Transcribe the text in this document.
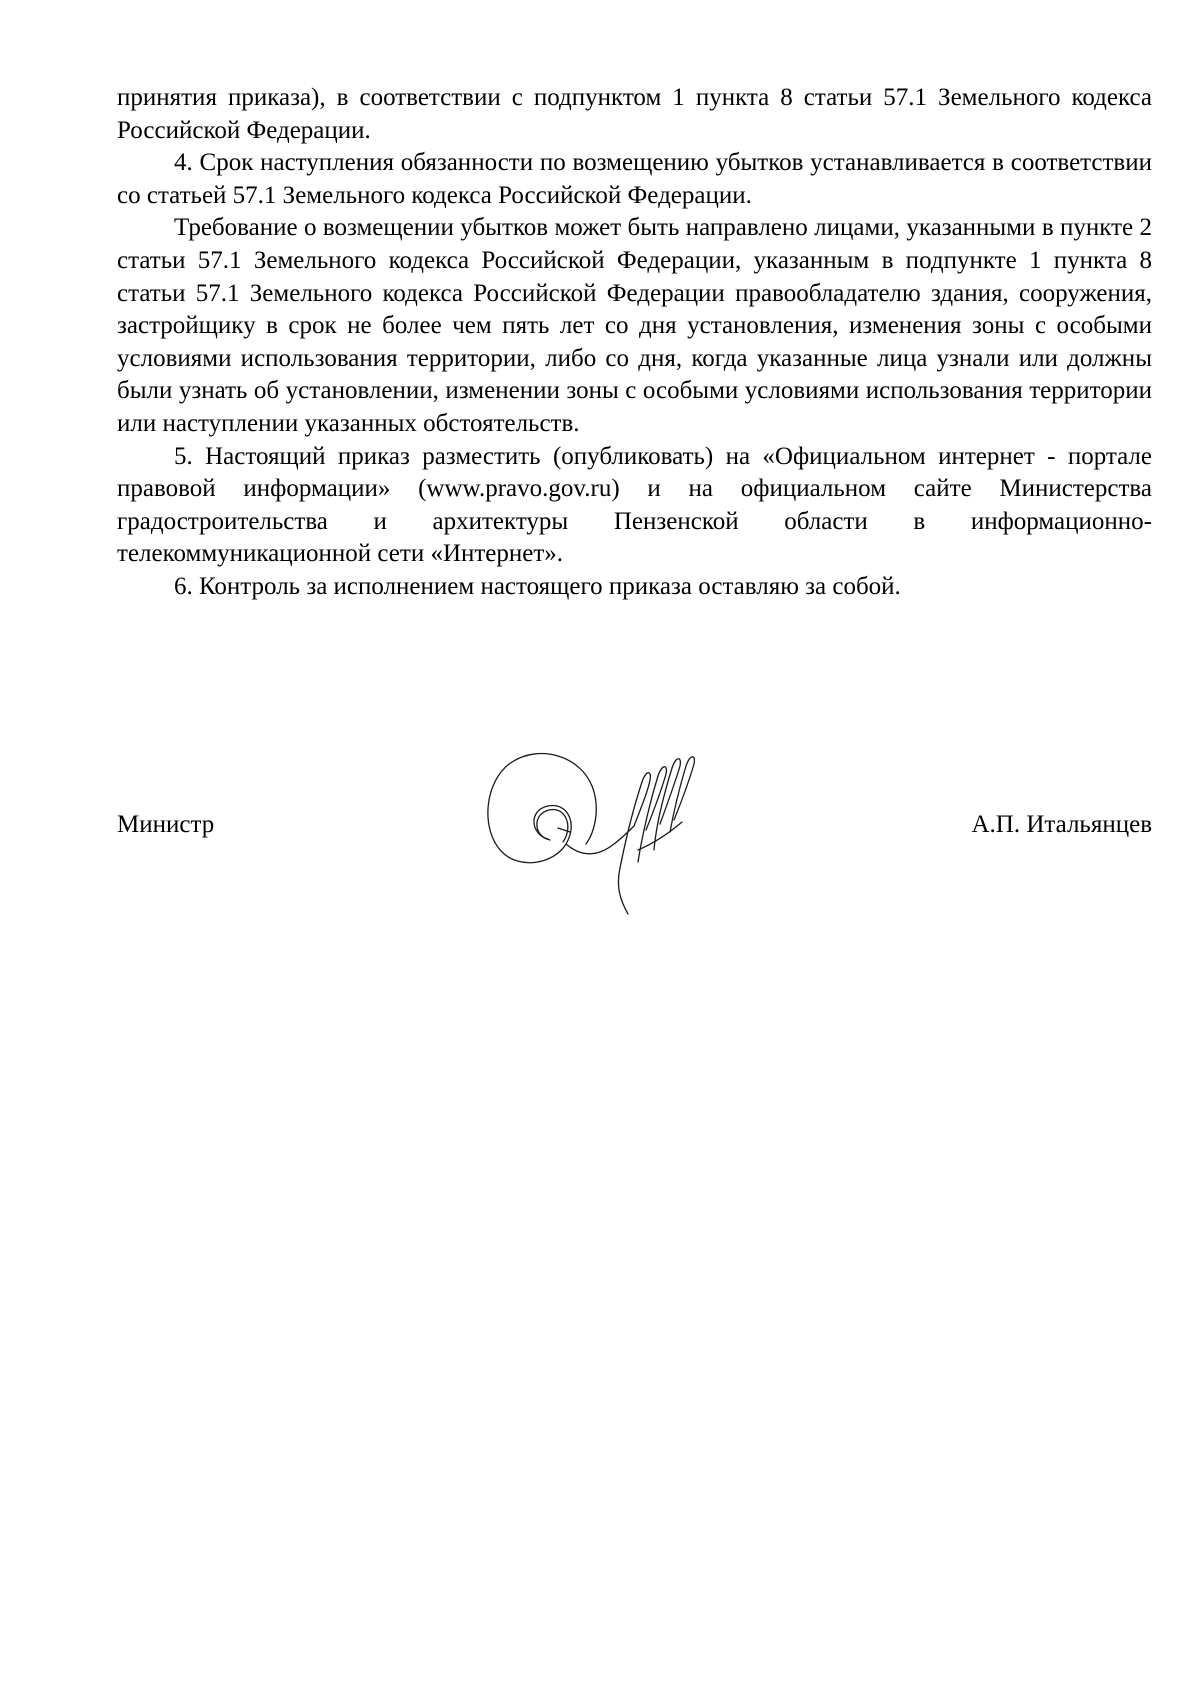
принятия приказа), в соответствии с подпунктом 1 пункта 8 статьи 57.1 Земельного кодекса Российской Федерации.

4. Срок наступления обязанности по возмещению убытков устанавливается в соответствии со статьей 57.1 Земельного кодекса Российской Федерации.

Требование о возмещении убытков может быть направлено лицами, указанными в пункте 2 статьи 57.1 Земельного кодекса Российской Федерации, указанным в подпункте 1 пункта 8 статьи 57.1 Земельного кодекса Российской Федерации правообладателю здания, сооружения, застройщику в срок не более чем пять лет со дня установления, изменения зоны с особыми условиями использования территории, либо со дня, когда указанные лица узнали или должны были узнать об установлении, изменении зоны с особыми условиями использования территории или наступлении указанных обстоятельств.

5. Настоящий приказ разместить (опубликовать) на «Официальном интернет - портале правовой информации» (www.pravo.gov.ru) и на официальном сайте Министерства градостроительства и архитектуры Пензенской области в информационно-телекоммуникационной сети «Интернет».

6. Контроль за исполнением настоящего приказа оставляю за собой.

Министр	А.П. Итальянцев
